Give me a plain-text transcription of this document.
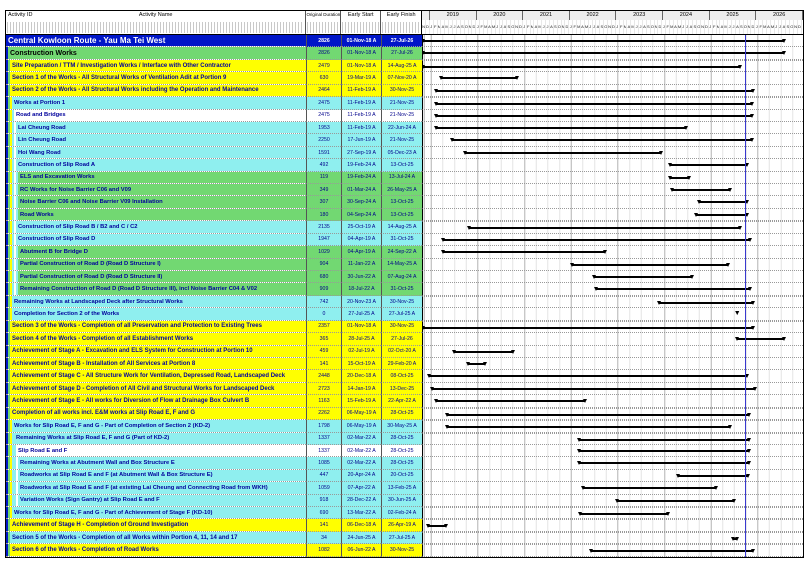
Activity ID	Activity Name	Original Duration	Early Start	Early Finish	2019	2020	2021	2022	2023	2024	2025	2026
N D J F M A M J J A S O N D J F M A M J J A S O N D J F M A M J J A S O N D J F M A M J J A S O N D J F M A M J J A S O N D J F M A M J J A S O N D J F M A M J J A S O N D J F M A M J J A S O N D
Central Kowloon Route - Yau Ma Tei West	2826	01-Nov-18 A	27-Jul-26
Construction Works	2826	01-Nov-18 A	27-Jul-26
Site Preparation / TTM / Investigation Works / Interface with Other Contractor	2479	01-Nov-18 A	14-Aug-25 A
Section 1 of the Works - All Structural Works of Ventilation Adit at Portion 9	630	19-Mar-19 A	07-Nov-20 A
Section 2 of the Works - All Structural Works including the Operation and Maintenance	2464	11-Feb-19 A	30-Nov-25
Works at Portion 1	2475	11-Feb-19 A	21-Nov-25
Road and Bridges	2475	11-Feb-19 A	21-Nov-25
Lai Cheung Road	1953	11-Feb-19 A	22-Jun-24 A
Lin Cheung Road	2250	17-Jun-19 A	21-Nov-25
Hoi Wang Road	1591	27-Sep-19 A	05-Dec-23 A
Construction of Slip Road A	492	19-Feb-24 A	13-Oct-25
ELS and Excavation Works	119	19-Feb-24 A	13-Jul-24 A
RC Works for Noise Barrier C06 and V09	349	01-Mar-24 A	26-May-25 A
Noise Barrier C06 and Noise Barrier V09 Installation	307	30-Sep-24 A	13-Oct-25
Road Works	180	04-Sep-24 A	13-Oct-25
Construction of Slip Road B / B2 and C / C2	2135	25-Oct-19 A	14-Aug-25 A
Construction of Slip Road D	1947	04-Apr-19 A	31-Oct-25
Abutment B for Bridge D	1029	04-Apr-19 A	24-Sep-22 A
Partial Construction of Road D (Road D Structure I)	904	11-Jan-22 A	14-May-25 A
Partial Construction of Road D (Road D Structure II)	680	30-Jun-22 A	07-Aug-24 A
Remaining Construction of Road D (Road D Structure III), incl Noise Barrier C04 & V02	909	18-Jul-22 A	31-Oct-25
Remaining Works at Landscaped Deck after Structural Works	742	20-Nov-23 A	30-Nov-25
Completion for Section 2 of the Works	0	27-Jul-25 A	27-Jul-25 A	▼
Section 3 of the Works - Completion of all Preservation and Protection to Existing Trees	2357	01-Nov-18 A	30-Nov-25
Section 4 of the Works - Completion of all Establishment Works	365	28-Jul-25 A	27-Jul-26
Achievement of Stage A - Excavation and ELS System for Construction at Portion 10	459	02-Jul-19 A	02-Oct-20 A
Achievement of Stage B - Installation of All Services at Portion 8	141	15-Oct-19 A	29-Feb-20 A
Achievement of Stage C - All Structure Work for Ventilation, Depressed Road, Landscaped Deck	2448	20-Dec-18 A	08-Oct-25
Achievement of Stage D - Completion of All Civil and Structural Works for Landscaped Deck	2723	14-Jan-19 A	13-Dec-25
Achievement of Stage E - All works for Diversion of Flow at Drainage Box Culvert B	1163	15-Feb-19 A	22-Apr-22 A
Completion of all works incl. E&M works at Slip Road E, F and G	2262	06-May-19 A	28-Oct-25
Works for Slip Road E, F and G - Part of Completion of Section 2 (KD-2)	1798	06-May-19 A	30-May-25 A
Remaining Works at Slip Road E, F and G (Part of KD-2)	1337	02-Mar-22 A	28-Oct-25
Slip Road E and F	1337	02-Mar-22 A	28-Oct-25
Remaining Works at Abutment Wall and Box Structure E	1085	02-Mar-22 A	28-Oct-25
Roadworks at Slip Road E and F (at Abutment Wall & Box Structure E)	447	20-Apr-24 A	20-Oct-25
Roadworks at Slip Road E and F (at existing Lai Cheung and Connecting Road from WKH)	1059	07-Apr-22 A	13-Feb-25 A
Variation Works (Sign Gantry) at Slip Road E and F	918	28-Dec-22 A	30-Jun-25 A
Works for Slip Road E, F and G - Part of Achievement of Stage F (KD-10)	690	13-Mar-22 A	02-Feb-24 A
Achievement of Stage H - Completion of Ground Investigation	141	06-Dec-18 A	26-Apr-19 A
Section 5 of the Works - Completion of all Works within Portion 4, 11, 14 and 17	34	24-Jun-25 A	27-Jul-25 A
Section 6 of the Works - Completion of Road Works	1082	06-Jun-22 A	30-Nov-25
